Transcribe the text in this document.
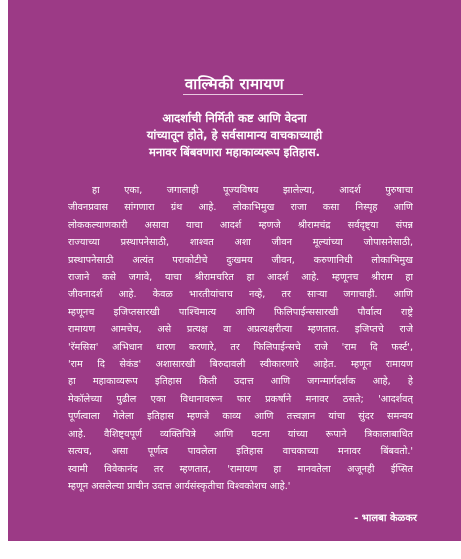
वाल्मिकी रामायण
आदर्शाची निर्मिती कष्ट आणि वेदना
यांच्यातून होते, हे सर्वसामान्य वाचकाच्याही
मनावर बिंबवणारा महाकाव्यरूप इतिहास.
हा एका, जगालाही पूज्यविषय झालेल्या, आदर्श पुरुषाचा
जीवनप्रवास सांगणारा ग्रंथ आहे. लोकाभिमुख राजा कसा निस्पृह आणि
लोककल्याणकारी असावा याचा आदर्श म्हणजे श्रीरामचंद्र सर्वदृष्ट्या संपन्न
राज्याच्या प्रस्थापनेसाठी, शाश्वत अशा जीवन मूल्यांच्या जोपासनेसाठी,
प्रस्थापनेसाठी अत्यंत पराकोटीचे दुःखमय जीवन, करुणानिधी लोकाभिमुख
राजाने कसे जगावे, याचा श्रीरामचरित हा आदर्श आहे. म्हणूनच श्रीराम हा
जीवनादर्श आहे. केवळ भारतीयांचाच नव्हे, तर साऱ्या जगाचाही. आणि
म्हणूनच इजिप्तसारखी पाश्चिमात्य आणि फिलिपाईन्ससारखी पौर्वात्य राष्ट्रे
रामायण आमचेच, असे प्रत्यक्ष वा अप्रत्यक्षरीत्या म्हणतात. इजिप्तचे राजे
'रॅमसिस' अभिधान धारण करणारे, तर फिलिपाईन्सचे राजे 'राम दि फर्स्ट',
'राम दि सेकंड' अशासारखी बिरुदावली स्वीकारणारे आहेत. म्हणून रामायण
हा महाकाव्यरूप इतिहास किती उदात्त आणि जगन्मार्गदर्शक आहे, हे
मेकॉलेच्या पुढील एका विधानावरून फार प्रकर्षाने मनावर ठसते; 'आदर्शवत्
पूर्णत्वाला गेलेला इतिहास म्हणजे काव्य आणि तत्त्वज्ञान यांचा सुंदर समन्वय
आहे. वैशिष्ट्यपूर्ण व्यक्तिचित्रे आणि घटना यांच्या रूपाने त्रिकालाबाधित
सत्यच, असा पूर्णत्व पावलेला इतिहास वाचकाच्या मनावर बिंबवतो.'
स्वामी विवेकानंद तर म्हणतात, 'रामायण हा मानवतेला अजूनही ईप्सित
म्हणून असलेल्या प्राचीन उदात्त आर्यसंस्कृतीचा विश्वकोशच आहे.'
- भालबा केळकर
